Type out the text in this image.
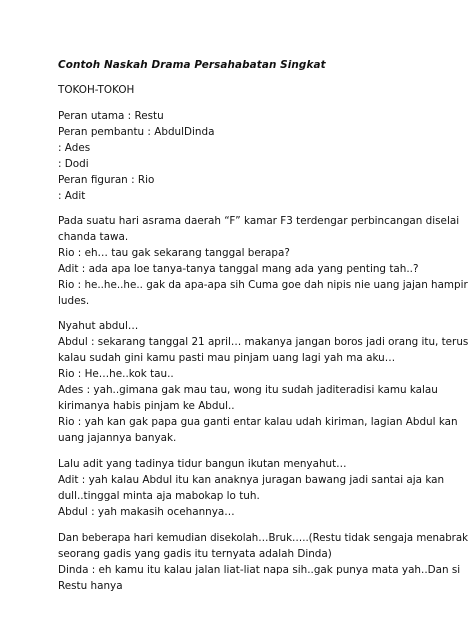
Contoh Naskah Drama Persahabatan Singkat
TOKOH-TOKOH
Peran utama : Restu
Peran pembantu : AbdulDinda
: Ades
: Dodi
Peran figuran : Rio
: Adit
Pada suatu hari asrama daerah “F” kamar F3 terdengar perbincangan diselai
chanda tawa.
Rio : eh… tau gak sekarang tanggal berapa?
Adit : ada apa loe tanya-tanya tanggal mang ada yang penting tah..?
Rio : he..he..he.. gak da apa-apa sih Cuma goe dah nipis nie uang jajan hampir
ludes.
Nyahut abdul…
Abdul : sekarang tanggal 21 april… makanya jangan boros jadi orang itu, terus
kalau sudah gini kamu pasti mau pinjam uang lagi yah ma aku…
Rio : He…he..kok tau..
Ades : yah..gimana gak mau tau, wong itu sudah jaditeradisi kamu kalau
kirimanya habis pinjam ke Abdul..
Rio : yah kan gak papa gua ganti entar kalau udah kiriman, lagian Abdul kan
uang jajannya banyak.
Lalu adit yang tadinya tidur bangun ikutan menyahut…
Adit : yah kalau Abdul itu kan anaknya juragan bawang jadi santai aja kan
dull..tinggal minta aja mabokap lo tuh.
Abdul : yah makasih ocehannya…
Dan beberapa hari kemudian disekolah…Bruk…..(Restu tidak sengaja menabrak
seorang gadis yang gadis itu ternyata adalah Dinda)
Dinda : eh kamu itu kalau jalan liat-liat napa sih..gak punya mata yah..Dan si
Restu hanya
